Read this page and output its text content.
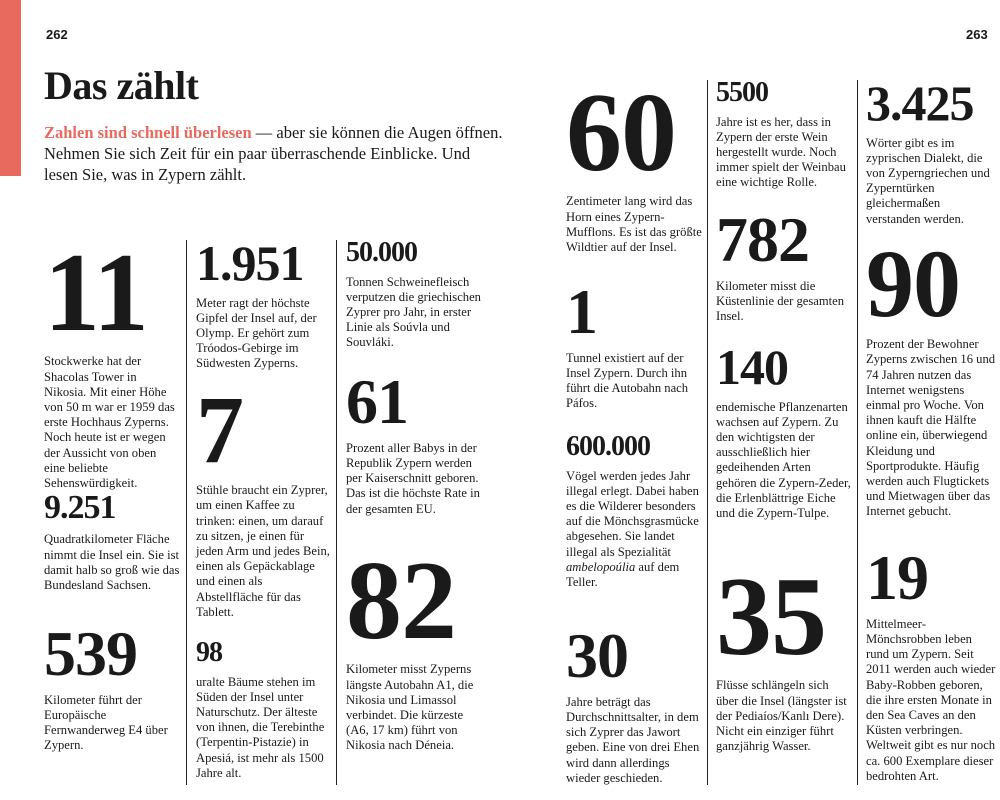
262	263
Das zählt
Zahlen sind schnell überlesen — aber sie können die Augen öffnen. Nehmen Sie sich Zeit für ein paar überraschende Einblicke. Und lesen Sie, was in Zypern zählt.
11
Stockwerke hat der Shacolas Tower in Nikosia. Mit einer Höhe von 50 m war er 1959 das erste Hochhaus Zyperns. Noch heute ist er wegen der Aussicht von oben eine beliebte Sehenswürdigkeit.
9.251
Quadratkilometer Fläche nimmt die Insel ein. Sie ist damit halb so groß wie das Bundesland Sachsen.
539
Kilometer führt der Europäische Fernwanderweg E4 über Zypern.
1.951
Meter ragt der höchste Gipfel der Insel auf, der Olymp. Er gehört zum Tróodos-Gebirge im Südwesten Zyperns.
7
Stühle braucht ein Zyprer, um einen Kaffee zu trinken: einen, um darauf zu sitzen, je einen für jeden Arm und jedes Bein, einen als Gepäckablage und einen als Abstellfläche für das Tablett.
98
uralte Bäume stehen im Süden der Insel unter Naturschutz. Der älteste von ihnen, die Terebinthe (Terpentin-Pistazie) in Apesiá, ist mehr als 1500 Jahre alt.
50.000
Tonnen Schweinefleisch verputzen die griechischen Zyprer pro Jahr, in erster Linie als Soúvla und Souvláki.
61
Prozent aller Babys in der Republik Zypern werden per Kaiserschnitt geboren. Das ist die höchste Rate in der gesamten EU.
82
Kilometer misst Zyperns längste Autobahn A1, die Nikosia und Limassol verbindet. Die kürzeste (A6, 17 km) führt von Nikosia nach Déneia.
60
Zentimeter lang wird das Horn eines Zypern-Mufflons. Es ist das größte Wildtier auf der Insel.
1
Tunnel existiert auf der Insel Zypern. Durch ihn führt die Autobahn nach Páfos.
600.000
Vögel werden jedes Jahr illegal erlegt. Dabei haben es die Wilderer besonders auf die Mönchsgrasmücke abgesehen. Sie landet illegal als Spezialität ambelopoúlia auf dem Teller.
30
Jahre beträgt das Durchschnittsalter, in dem sich Zyprer das Jawort geben. Eine von drei Ehen wird dann allerdings wieder geschieden.
5500
Jahre ist es her, dass in Zypern der erste Wein hergestellt wurde. Noch immer spielt der Weinbau eine wichtige Rolle.
782
Kilometer misst die Küstenlinie der gesamten Insel.
140
endemische Pflanzenarten wachsen auf Zypern. Zu den wichtigsten der ausschließlich hier gedeihenden Arten gehören die Zypern-Zeder, die Erlenblättrige Eiche und die Zypern-Tulpe.
35
Flüsse schlängeln sich über die Insel (längster ist der Pediaíos/Kanlı Dere). Nicht ein einziger führt ganzjährig Wasser.
3.425
Wörter gibt es im zyprischen Dialekt, die von Zyperngriechen und Zyperntürken gleichermaßen verstanden werden.
90
Prozent der Bewohner Zyperns zwischen 16 und 74 Jahren nutzen das Internet wenigstens einmal pro Woche. Von ihnen kauft die Hälfte online ein, überwiegend Kleidung und Sportprodukte. Häufig werden auch Flugtickets und Mietwagen über das Internet gebucht.
19
Mittelmeer-Mönchsrobben leben rund um Zypern. Seit 2011 werden auch wieder Baby-Robben geboren, die ihre ersten Monate in den Sea Caves an den Küsten verbringen. Weltweit gibt es nur noch ca. 600 Exemplare dieser bedrohten Art.
